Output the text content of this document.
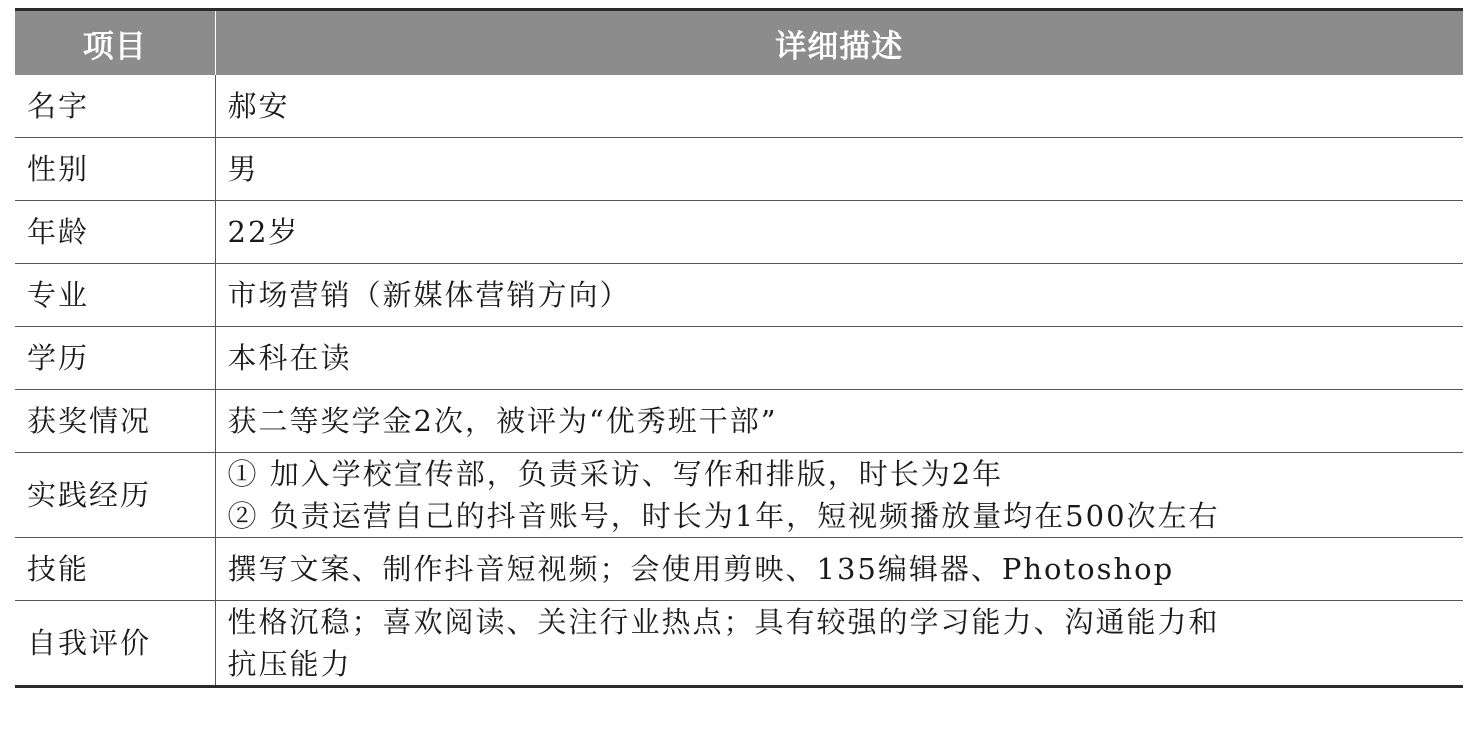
项目	详细描述
名字	郝安

性别	男

年龄	22岁

专业	市场营销（新媒体营销方向）

学历	本科在读

获奖情况	获二等奖学金2次，被评为“优秀班干部”

实践经历	① 加入学校宣传部，负责采访、写作和排版，时长为2年
② 负责运营自己的抖音账号，时长为1年，短视频播放量均在500次左右

技能	撰写文案、制作抖音短视频；会使用剪映、135编辑器、Photoshop

自我评价	性格沉稳；喜欢阅读、关注行业热点；具有较强的学习能力、沟通能力和
抗压能力
